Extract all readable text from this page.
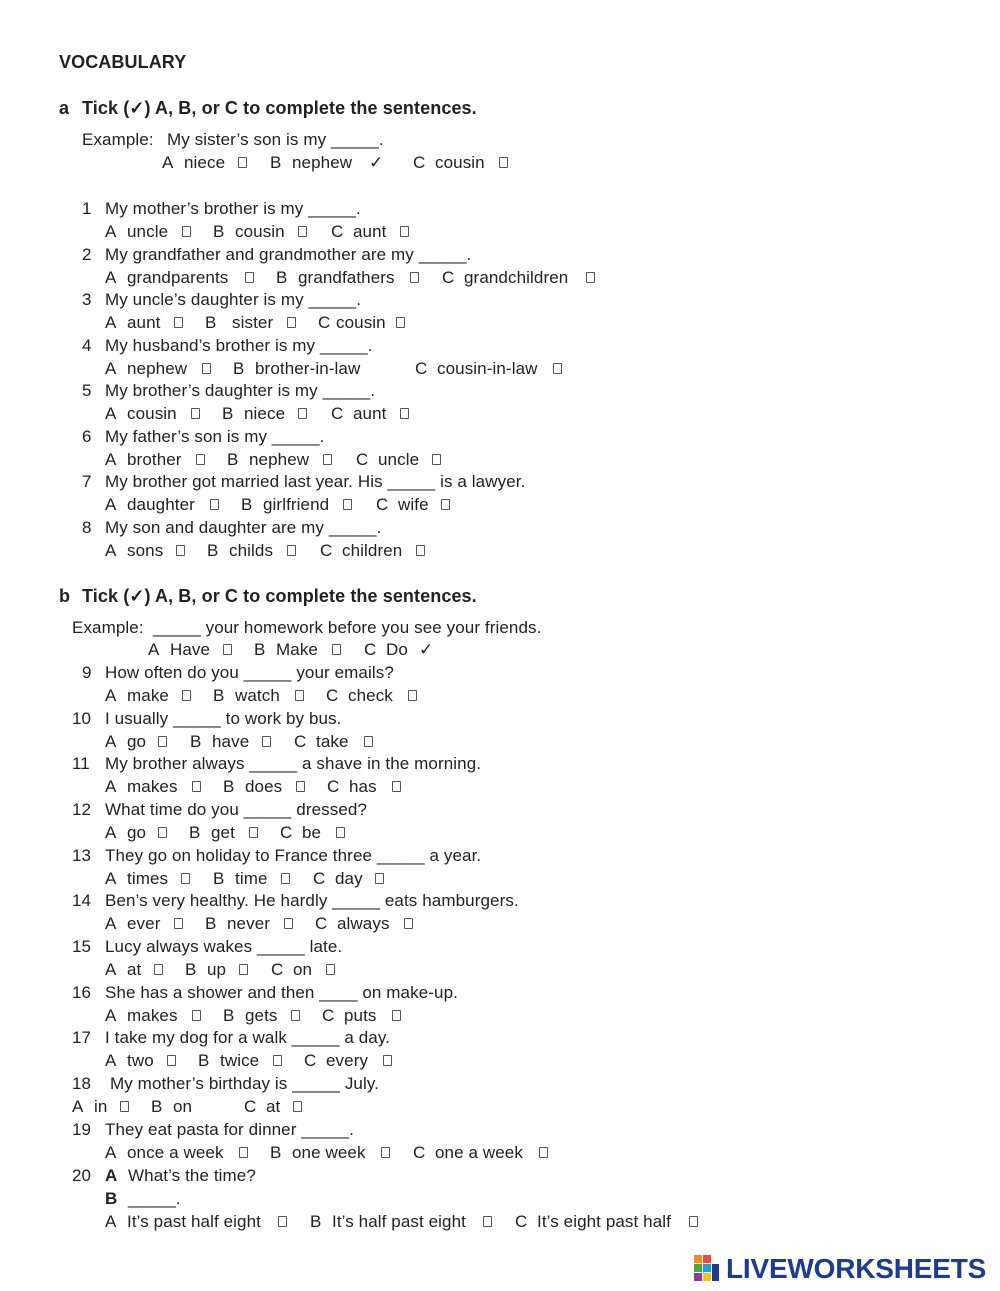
VOCABULARY
a Tick (✓) A, B, or C to complete the sentences.
Example: My sister’s son is my _____.
A niece	B nephew ✓ C cousin
1 My mother’s brother is my _____.
A uncle	B cousin	C aunt
2 My grandfather and grandmother are my _____.
A grandparents	B grandfathers	C grandchildren
3 My uncle’s daughter is my _____.
A aunt	B sister	C cousin
4 My husband’s brother is my _____.
A nephew	B brother-in-law	C cousin-in-law
5 My brother’s daughter is my _____.
A cousin	B niece	C aunt
6 My father’s son is my _____.
A brother	B nephew	C uncle
7 My brother got married last year. His _____ is a lawyer.
A daughter	B girlfriend	C wife
8 My son and daughter are my _____.
A sons	B childs	C children
b Tick (✓) A, B, or C to complete the sentences.
Example: _____ your homework before you see your friends.
A Have	B Make	C Do ✓
9 How often do you _____ your emails?
A make	B watch	C check
10 I usually _____ to work by bus.
A go	B have	C take
11 My brother always _____ a shave in the morning.
A makes	B does	C has
12 What time do you _____ dressed?
A go	B get	C be
13 They go on holiday to France three _____ a year.
A times	B time	C day
14 Ben’s very healthy. He hardly _____ eats hamburgers.
A ever	B never	C always
15 Lucy always wakes _____ late.
A at	B up	C on
16 She has a shower and then ____ on make-up.
A makes	B gets	C puts
17 I take my dog for a walk _____ a day.
A two	B twice	C every
18 My mother’s birthday is _____ July.
A in	B on	C at
19 They eat pasta for dinner _____.
A once a week	B one week	C one a week
20 A What’s the time?
B _____.
A It’s past half eight	B It’s half past eight	C It’s eight past half
LIVEWORKSHEETS
